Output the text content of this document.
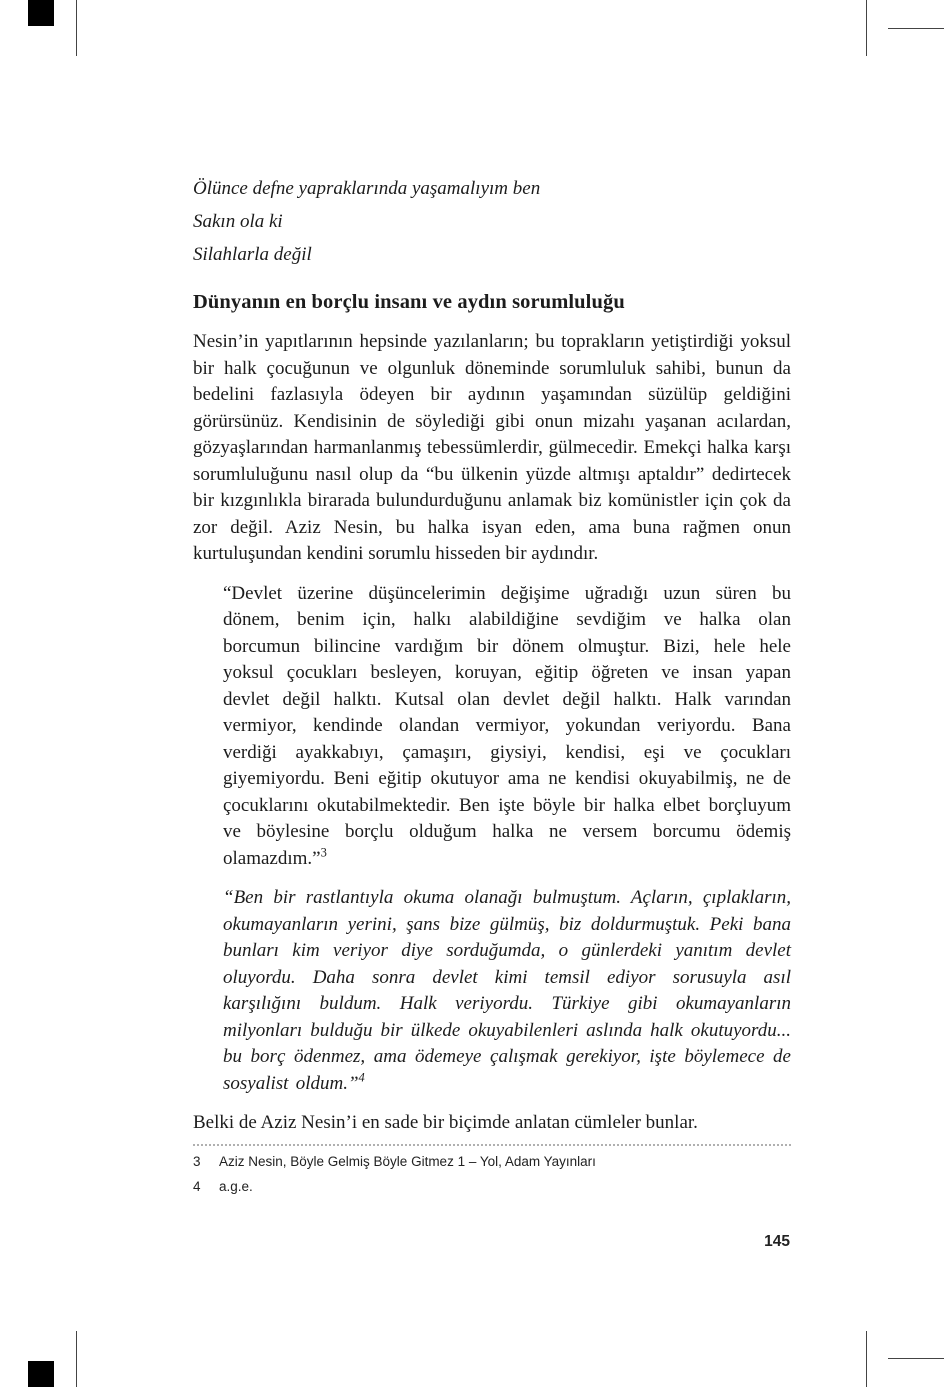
Ölünce defne yapraklarında yaşamalıyım ben
Sakın ola ki
Silahlarla değil
Dünyanın en borçlu insanı ve aydın sorumluluğu

Nesin’in yapıtlarının hepsinde yazılanların; bu toprakların yetiştirdiği yoksul bir halk çocuğunun ve olgunluk döneminde sorumluluk sahibi, bunun da bedelini fazlasıyla ödeyen bir aydının yaşamından süzülüp geldiğini görürsünüz. Kendisinin de söylediği gibi onun mizahı yaşanan acılardan, gözyaşlarından harmanlanmış tebessümlerdir, gülmecedir. Emekçi halka karşı sorumluluğunu nasıl olup da “bu ülkenin yüzde altmışı aptaldır” dedirtecek bir kızgınlıkla birarada bulundurduğunu anlamak biz komünistler için çok da zor değil. Aziz Nesin, bu halka isyan eden, ama buna rağmen onun kurtuluşundan kendini sorumlu hisseden bir aydındır.

“Devlet üzerine düşüncelerimin değişime uğradığı uzun süren bu dönem, benim için, halkı alabildiğine sevdiğim ve halka olan borcumun bilincine vardığım bir dönem olmuştur. Bizi, hele hele yoksul çocukları besleyen, koruyan, eğitip öğreten ve insan yapan devlet değil halktı. Kutsal olan devlet değil halktı. Halk varından vermiyor, kendinde olandan vermiyor, yokundan veriyordu. Bana verdiği ayakkabıyı, çamaşırı, giysiyi, kendisi, eşi ve çocukları giyemiyordu. Beni eğitip okutuyor ama ne kendisi okuyabilmiş, ne de çocuklarını okutabilmektedir. Ben işte böyle bir halka elbet borçluyum ve böylesine borçlu olduğum halka ne versem borcumu ödemiş olamazdım.”$^3$
“Ben bir rastlantıyla okuma olanağı bulmuştum. Açların, çıplakların, okumayanların yerini, şans bize gülmüş, biz doldurmuştuk. Peki bana bunları kim veriyor diye sorduğumda, o günlerdeki yanıtım devlet oluyordu. Daha sonra devlet kimi temsil ediyor sorusuyla asıl karşılığını buldum. Halk veriyordu. Türkiye gibi okumayanların milyonları bulduğu bir ülkede okuyabilenleri aslında halk okutuyordu... bu borç ödenmez, ama ödemeye çalışmak gerekiyor, işte böylemece de sosyalist oldum.”$^4$

Belki de Aziz Nesin’i en sade bir biçimde anlatan cümleler bunlar.

3	Aziz Nesin, Böyle Gelmiş Böyle Gitmez 1 – Yol, Adam Yayınları
4	a.g.e.
145
